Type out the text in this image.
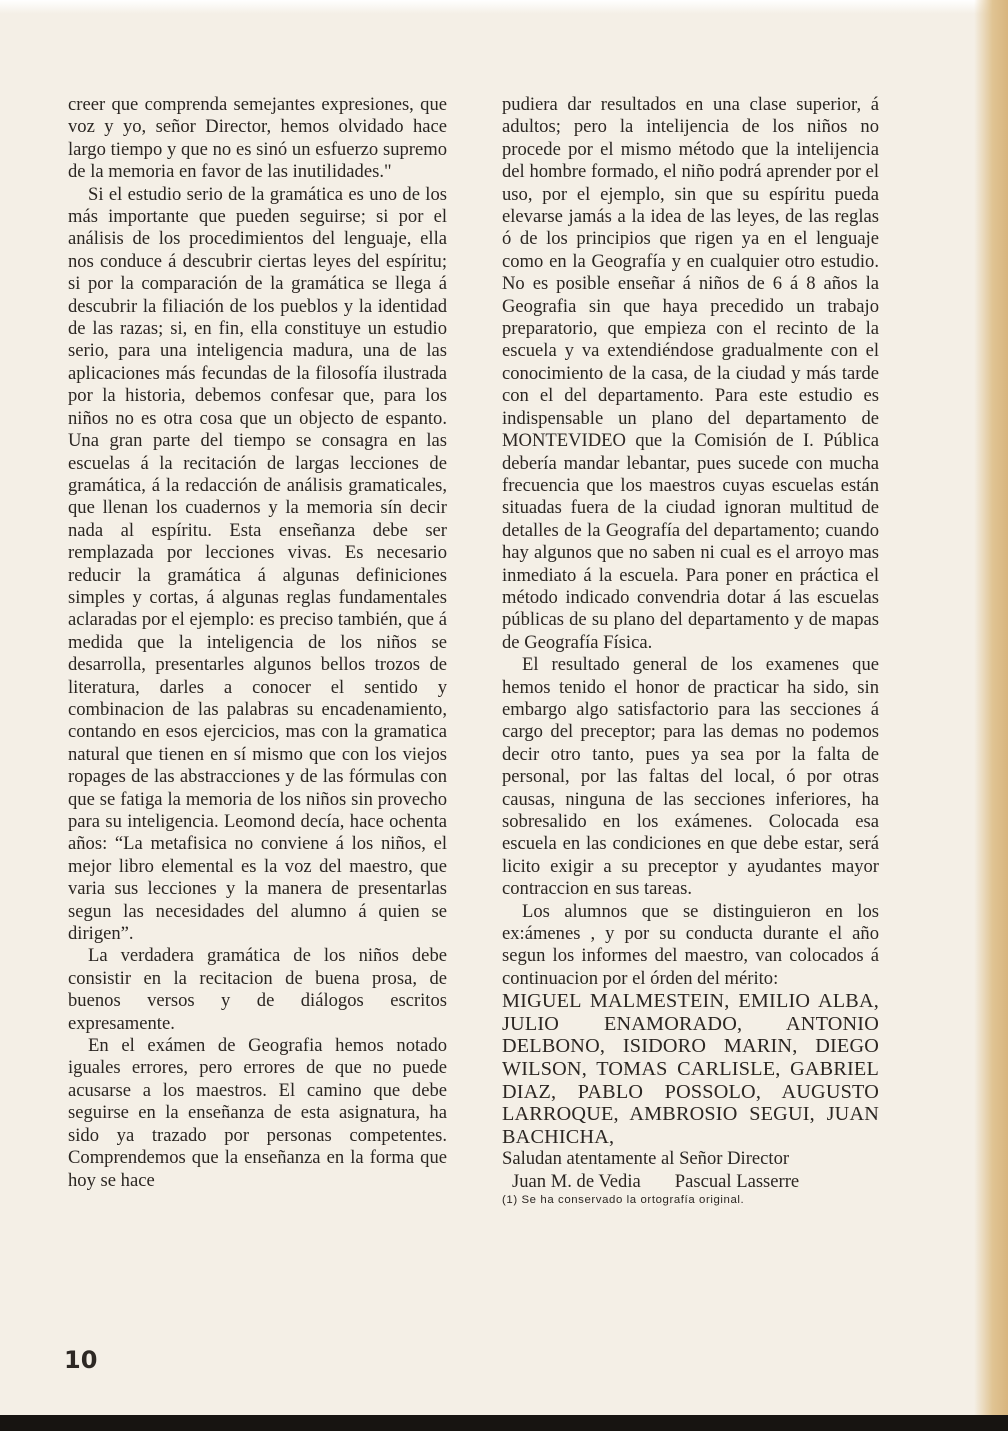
creer que comprenda semejantes expresiones, que voz y yo, señor Director, hemos olvidado hace largo tiempo y que no es sinó un esfuerzo supremo de la memoria en favor de las inutilidades."

Si el estudio serio de la gramática es uno de los más importante que pueden seguirse; si por el análisis de los procedimientos del lenguaje, ella nos conduce á descubrir ciertas leyes del espíritu; si por la comparación de la gramática se llega á descubrir la filiación de los pueblos y la identidad de las razas; si, en fin, ella constituye un estudio serio, para una inteligencia madura, una de las aplicaciones más fecundas de la filosofía ilustrada por la historia, debemos confesar que, para los niños no es otra cosa que un objecto de espanto. Una gran parte del tiempo se consagra en las escuelas á la recitación de largas lecciones de gramática, á la redacción de análisis gramaticales, que llenan los cuadernos y la memoria sín decir nada al espíritu. Esta enseñanza debe ser remplazada por lecciones vivas. Es necesario reducir la gramática á algunas definiciones simples y cortas, á algunas reglas fundamentales aclaradas por el ejemplo: es preciso también, que á medida que la inteligencia de los niños se desarrolla, presentarles algunos bellos trozos de literatura, darles a conocer el sentido y combinacion de las palabras su encadenamiento, contando en esos ejercicios, mas con la gramatica natural que tienen en sí mismo que con los viejos ropages de las abstracciones y de las fórmulas con que se fatiga la memoria de los niños sin provecho para su inteligencia. Leomond decía, hace ochenta años: “La metafisica no conviene á los niños, el mejor libro elemental es la voz del maestro, que varia sus lecciones y la manera de presentarlas segun las necesidades del alumno á quien se dirigen”.

La verdadera gramática de los niños debe consistir en la recitacion de buena prosa, de buenos versos y de diálogos escritos expresamente.

En el exámen de Geografia hemos notado iguales errores, pero errores de que no puede acusarse a los maestros. El camino que debe seguirse en la enseñanza de esta asignatura, ha sido ya trazado por personas competentes. Comprendemos que la enseñanza en la forma que hoy se hace

pudiera dar resultados en una clase superior, á adultos; pero la intelijencia de los niños no procede por el mismo método que la intelijencia del hombre formado, el niño podrá aprender por el uso, por el ejemplo, sin que su espíritu pueda elevarse jamás a la idea de las leyes, de las reglas ó de los principios que rigen ya en el lenguaje como en la Geografía y en cualquier otro estudio. No es posible enseñar á niños de 6 á 8 años la Geografia sin que haya precedido un trabajo preparatorio, que empieza con el recinto de la escuela y va extendiéndose gradualmente con el conocimiento de la casa, de la ciudad y más tarde con el del departamento. Para este estudio es indispensable un plano del departamento de MONTEVIDEO que la Comisión de I. Pública debería mandar lebantar, pues sucede con mucha frecuencia que los maestros cuyas escuelas están situadas fuera de la ciudad ignoran multitud de detalles de la Geografía del departamento; cuando hay algunos que no saben ni cual es el arroyo mas inmediato á la escuela. Para poner en práctica el método indicado convendria dotar á las escuelas públicas de su plano del departamento y de mapas de Geografía Física.

El resultado general de los examenes que hemos tenido el honor de practicar ha sido, sin embargo algo satisfactorio para las secciones á cargo del preceptor; para las demas no podemos decir otro tanto, pues ya sea por la falta de personal, por las faltas del local, ó por otras causas, ninguna de las secciones inferiores, ha sobresalido en los exámenes. Colocada esa escuela en las condiciones en que debe estar, será licito exigir a su preceptor y ayudantes mayor contraccion en sus tareas.

Los alumnos que se distinguieron en los ex:ámenes , y por su conducta durante el año segun los informes del maestro, van colocados á continuacion por el órden del mérito:

MIGUEL MALMESTEIN, EMILIO ALBA, JULIO ENAMORADO, ANTONIO DELBONO, ISIDORO MARIN, DIEGO WILSON, TOMAS CARLISLE, GABRIEL DIAZ, PABLO POSSOLO, AUGUSTO LARROQUE, AMBROSIO SEGUI, JUAN BACHICHA,

Saludan atentamente al Señor Director

Juan M. de Vedia Pascual Lasserre

(1) Se ha conservado la ortografía original.

10
